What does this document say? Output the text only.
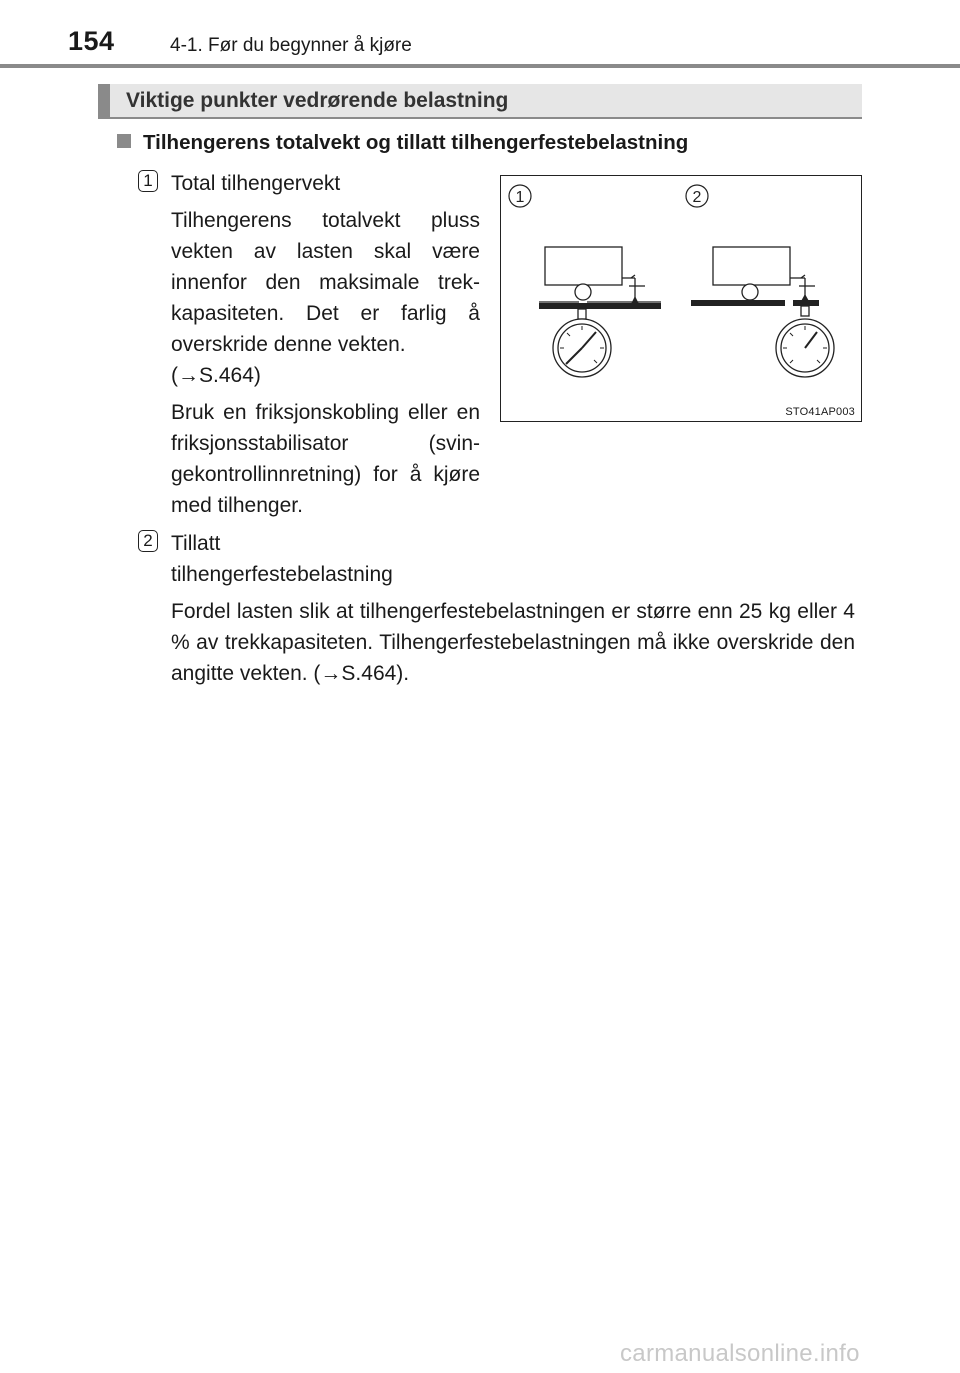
154	4-1. Før du begynner å kjøre
Viktige punkter vedrørende belastning
Tilhengerens totalvekt og tillatt tilhengerfestebelastning
1 Total tilhengervekt

Tilhengerens totalvekt pluss vekten av lasten skal være innenfor den maksimale trek-kapasiteten. Det er farlig å overskride denne vekten.
(→S.464)

Bruk en friksjonskobling eller en friksjonsstabilisator (svin-gekontrollinnretning) for å kjøre med tilhenger.

1	2
STO41AP003
2 Tillatt
tilhengerfestebelastning

Fordel lasten slik at tilhengerfestebelastningen er større enn 25 kg eller 4 % av trekkapasiteten. Tilhengerfestebelastningen må ikke overskride den angitte vekten. (→S.464).

carmanualsonline.info
